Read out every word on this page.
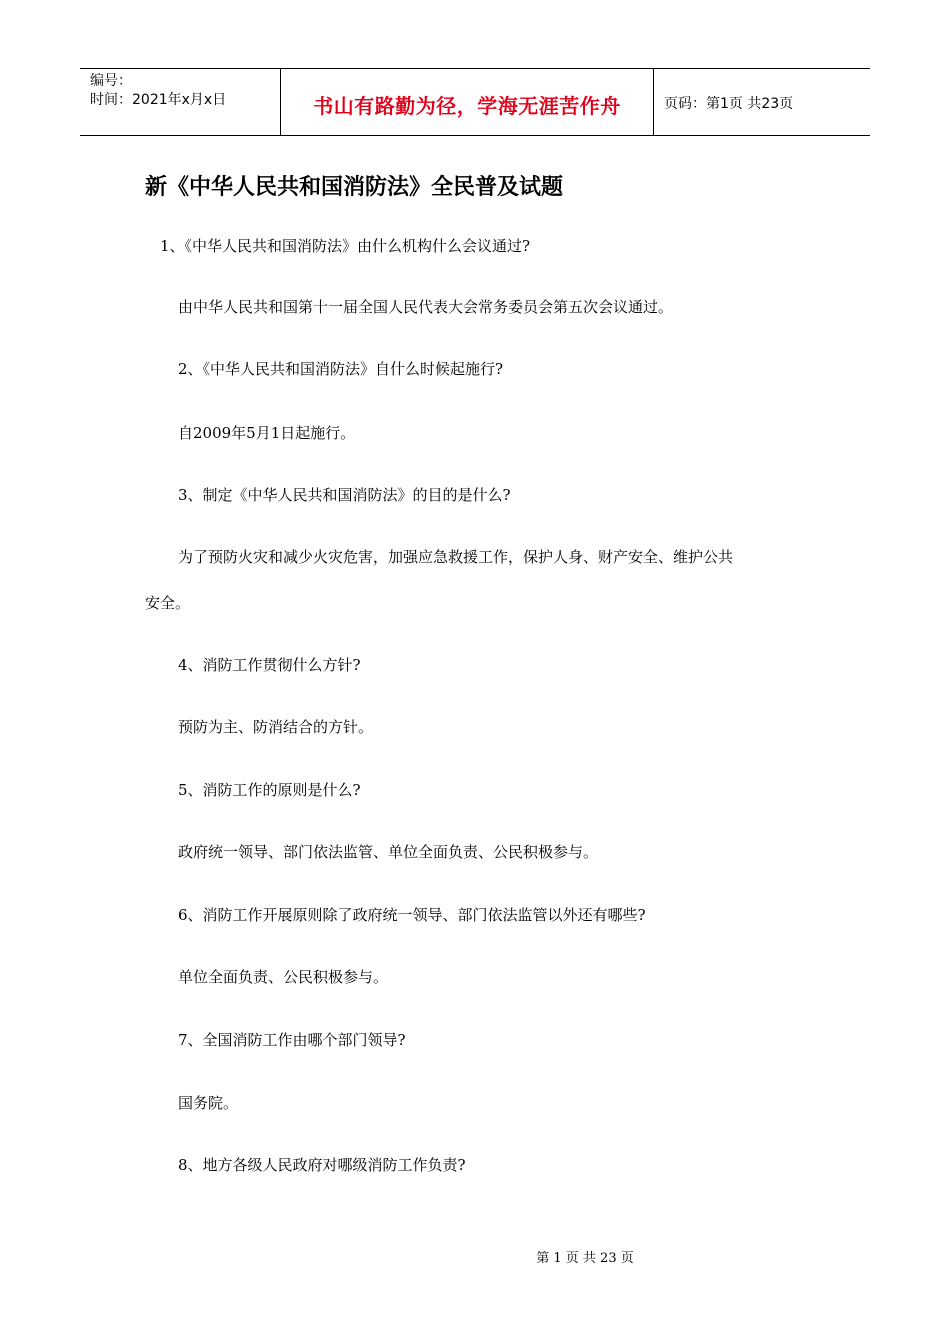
编号：
时间：2021年x月x日	书山有路勤为径，学海无涯苦作舟	页码：第1页 共23页
新《中华人民共和国消防法》全民普及试题
1、《中华人民共和国消防法》由什么机构什么会议通过?
由中华人民共和国第十一届全国人民代表大会常务委员会第五次会议通过。
2、《中华人民共和国消防法》自什么时候起施行?
自2009年5月1日起施行。
3、制定《中华人民共和国消防法》的目的是什么?
为了预防火灾和减少火灾危害，加强应急救援工作，保护人身、财产安全、维护公共
安全。
4、消防工作贯彻什么方针?
预防为主、防消结合的方针。
5、消防工作的原则是什么?
政府统一领导、部门依法监管、单位全面负责、公民积极参与。
6、消防工作开展原则除了政府统一领导、部门依法监管以外还有哪些?
单位全面负责、公民积极参与。
7、全国消防工作由哪个部门领导?
国务院。
8、地方各级人民政府对哪级消防工作负责?
第 1 页 共 23 页
